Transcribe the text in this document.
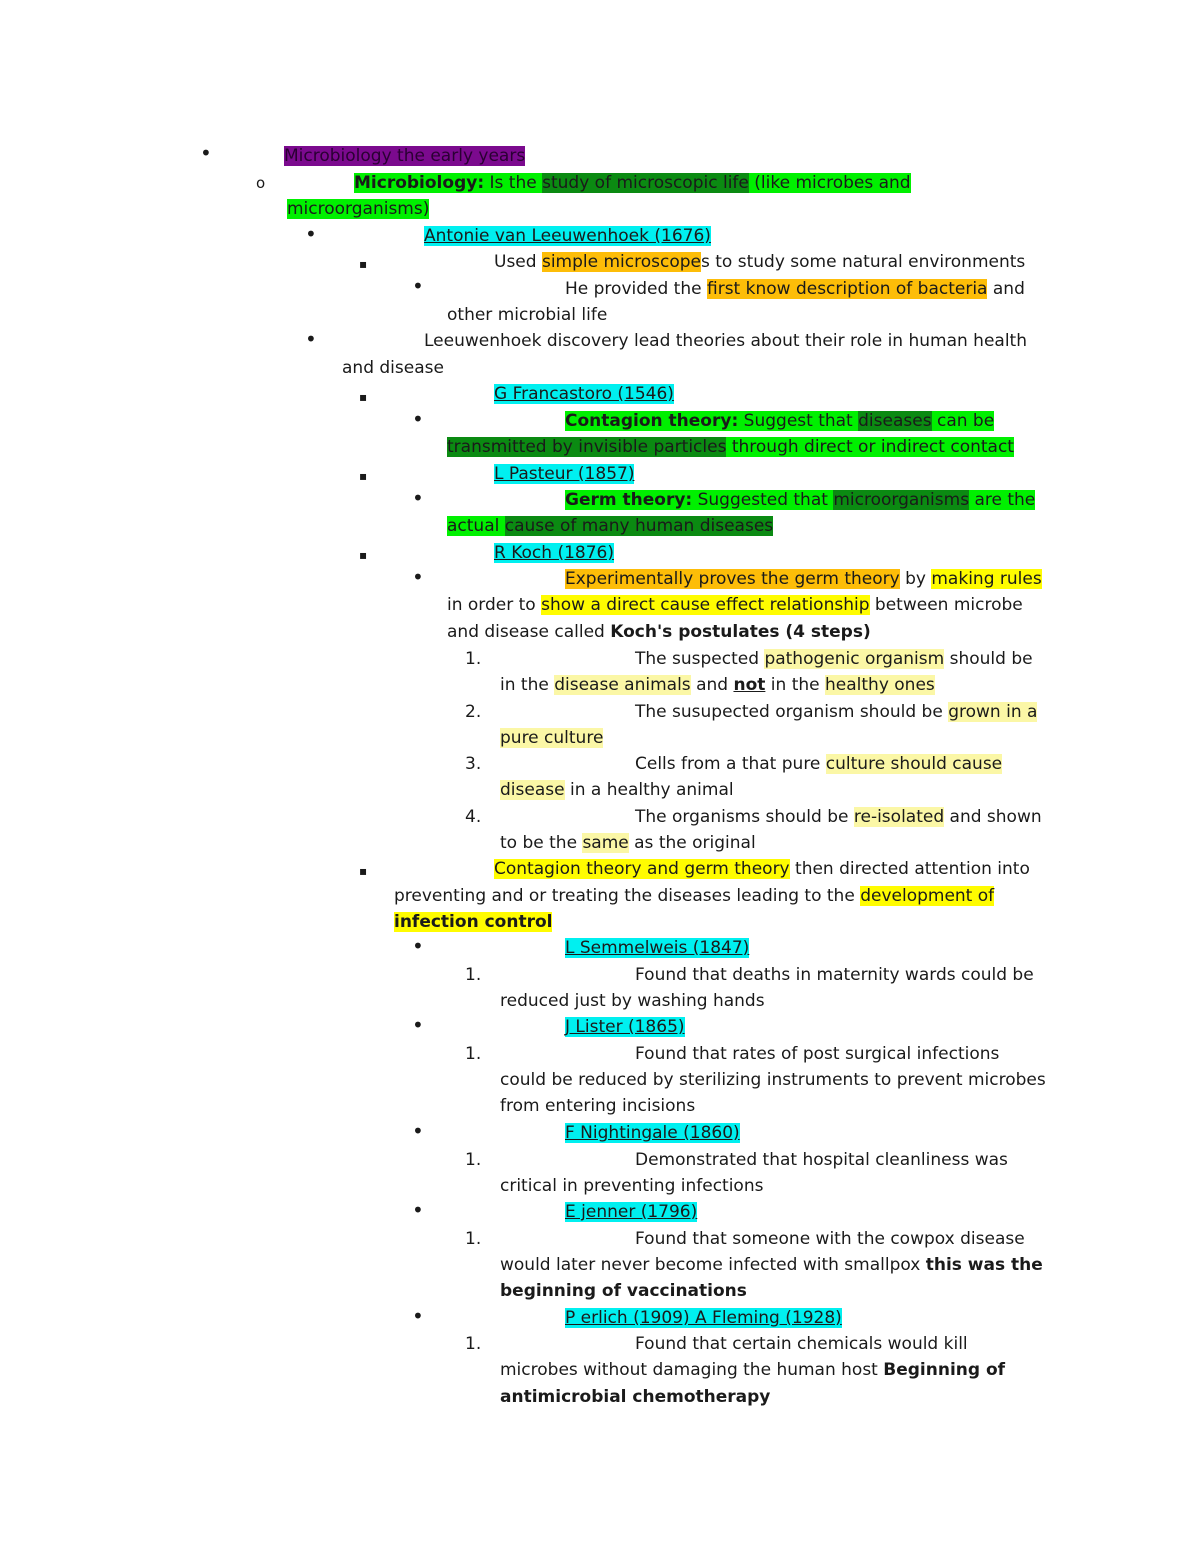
•	Microbiology the early years
o	Microbiology: Is the study of microscopic life (like microbes and
microorganisms)
•	Antonie van Leeuwenhoek (1676)
▪	Used simple microscopes to study some natural environments
•	He provided the first know description of bacteria and
other microbial life
•	Leeuwenhoek discovery lead theories about their role in human health
and disease
▪	G Francastoro (1546)
•	Contagion theory: Suggest that diseases can be
transmitted by invisible particles through direct or indirect contact
▪	L Pasteur (1857)
•	Germ theory: Suggested that microorganisms are the
actual cause of many human diseases
▪	R Koch (1876)
•	Experimentally proves the germ theory by making rules
in order to show a direct cause effect relationship between microbe
and disease called Koch's postulates (4 steps)
1.	The suspected pathogenic organism should be
in the disease animals and not in the healthy ones
2.	The susupected organism should be grown in a
pure culture
3.	Cells from a that pure culture should cause
disease in a healthy animal
4.	The organisms should be re-isolated and shown
to be the same as the original
▪	Contagion theory and germ theory then directed attention into
preventing and or treating the diseases leading to the development of
infection control
•	L Semmelweis (1847)
1.	Found that deaths in maternity wards could be
reduced just by washing hands
•	J Lister (1865)
1.	Found that rates of post surgical infections
could be reduced by sterilizing instruments to prevent microbes
from entering incisions
•	F Nightingale (1860)
1.	Demonstrated that hospital cleanliness was
critical in preventing infections
•	E jenner (1796)
1.	Found that someone with the cowpox disease
would later never become infected with smallpox this was the
beginning of vaccinations
•	P erlich (1909) A Fleming (1928)
1.	Found that certain chemicals would kill
microbes without damaging the human host Beginning of
antimicrobial chemotherapy
